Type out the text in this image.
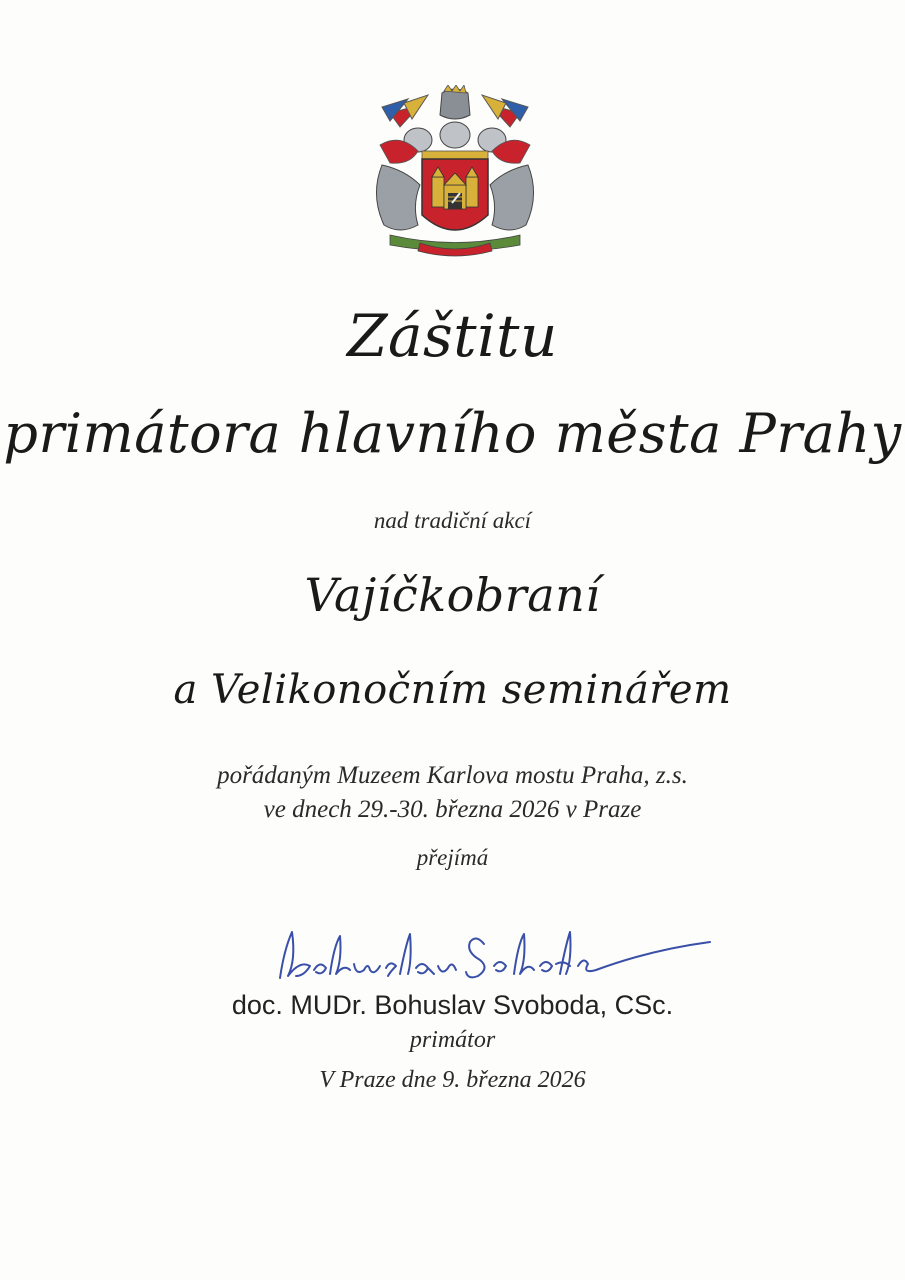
Záštitu

primátora hlavního města Prahy

nad tradiční akcí

Vajíčkobraní

a Velikonočním seminářem

pořádaným Muzeem Karlova mostu Praha, z.s.

ve dnech 29.-30. března 2026 v Praze

přejímá

doc. MUDr. Bohuslav Svoboda, CSc.

primátor

V Praze dne 9. března 2026
